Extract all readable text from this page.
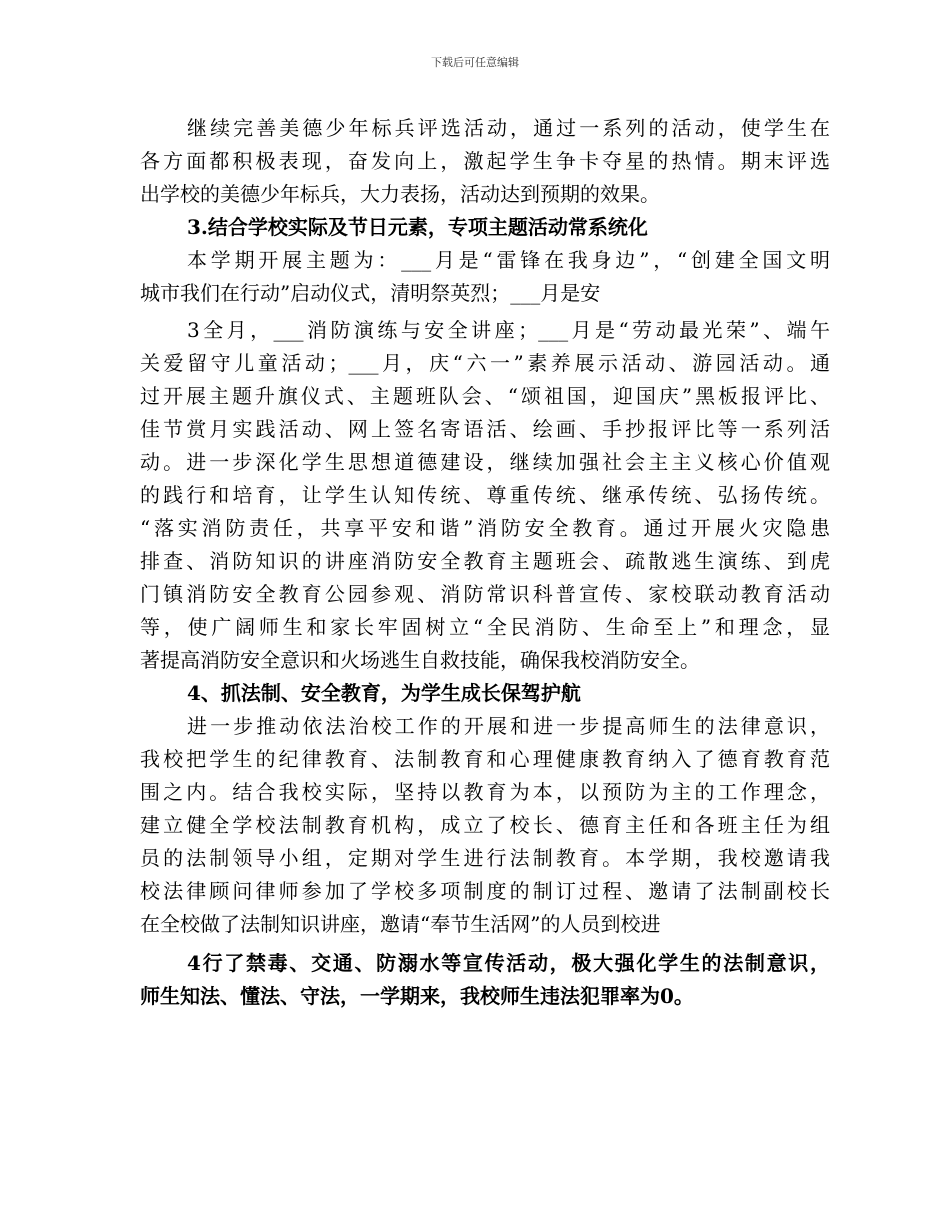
下载后可任意编辑
继续完善美德少年标兵评选活动，通过一系列的活动，使学生在
各方面都积极表现，奋发向上，激起学生争卡夺星的热情。期末评选
出学校的美德少年标兵，大力表扬，活动达到预期的效果。
3.结合学校实际及节日元素，专项主题活动常系统化
本学期开展主题为：___月是“雷锋在我身边”，“创建全国文明
城市我们在行动”启动仪式，清明祭英烈；___月是安
3全月，___消防演练与安全讲座；___月是“劳动最光荣”、端午
关爱留守儿童活动；___月，庆“六一”素养展示活动、游园活动。通
过开展主题升旗仪式、主题班队会、“颂祖国，迎国庆”黑板报评比、
佳节赏月实践活动、网上签名寄语活、绘画、手抄报评比等一系列活
动。进一步深化学生思想道德建设，继续加强社会主主义核心价值观
的践行和培育，让学生认知传统、尊重传统、继承传统、弘扬传统。
“落实消防责任，共享平安和谐”消防安全教育。通过开展火灾隐患
排查、消防知识的讲座消防安全教育主题班会、疏散逃生演练、到虎
门镇消防安全教育公园参观、消防常识科普宣传、家校联动教育活动
等，使广阔师生和家长牢固树立“全民消防、生命至上”和理念，显
著提高消防安全意识和火场逃生自救技能，确保我校消防安全。
4、抓法制、安全教育，为学生成长保驾护航
进一步推动依法治校工作的开展和进一步提高师生的法律意识，
我校把学生的纪律教育、法制教育和心理健康教育纳入了德育教育范
围之内。结合我校实际，坚持以教育为本，以预防为主的工作理念，
建立健全学校法制教育机构，成立了校长、德育主任和各班主任为组
员的法制领导小组，定期对学生进行法制教育。本学期，我校邀请我
校法律顾问律师参加了学校多项制度的制订过程、邀请了法制副校长
在全校做了法制知识讲座，邀请“奉节生活网”的人员到校进
4行了禁毒、交通、防溺水等宣传活动，极大强化学生的法制意识，
师生知法、懂法、守法，一学期来，我校师生违法犯罪率为0。
